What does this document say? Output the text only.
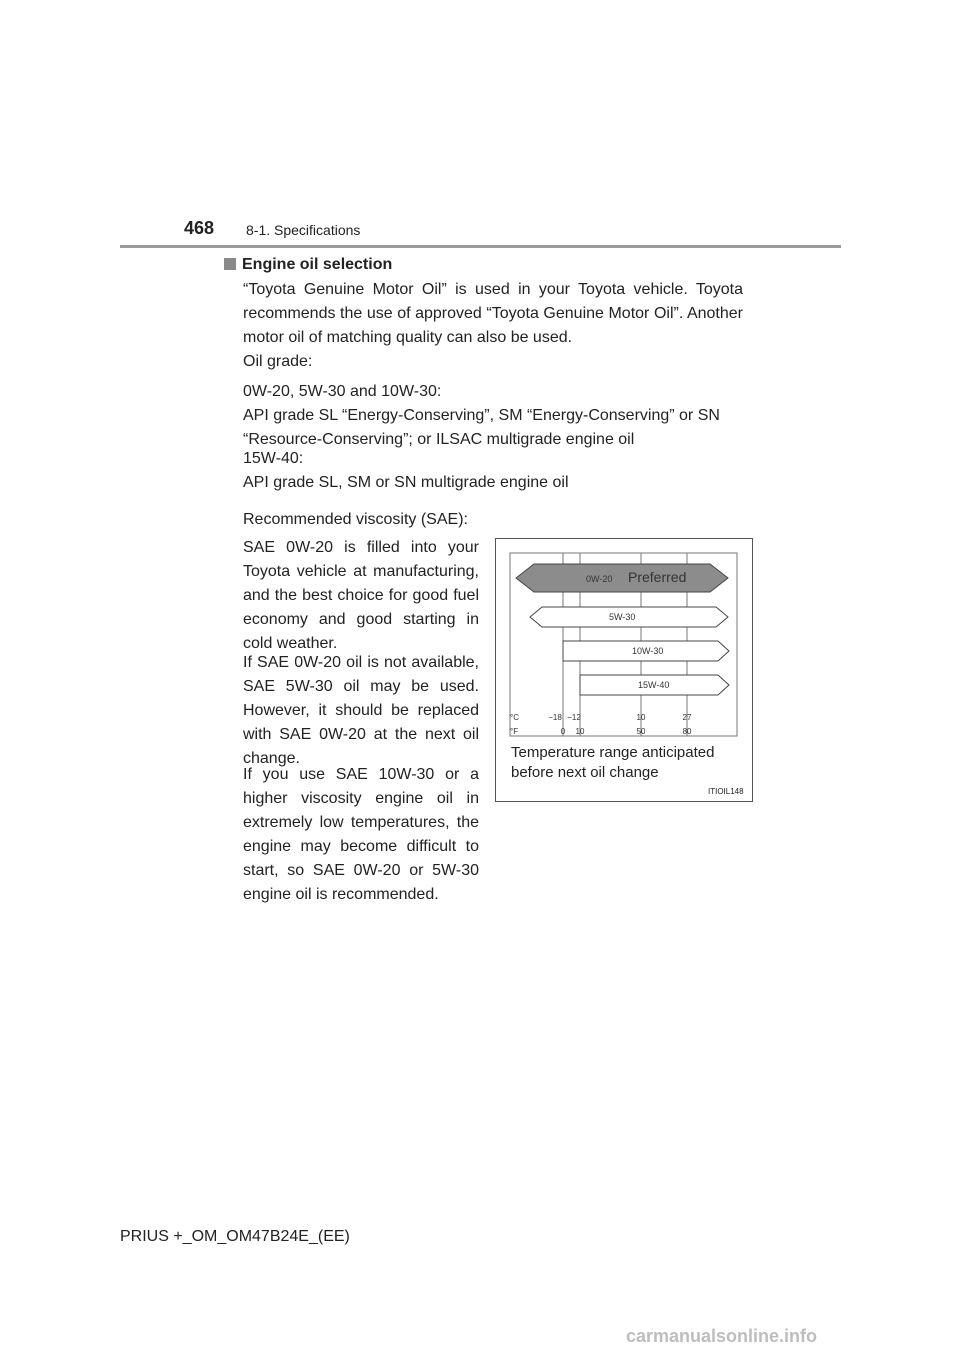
468 8-1. Specifications
Engine oil selection

“Toyota Genuine Motor Oil” is used in your Toyota vehicle. Toyota recommends the use of approved “Toyota Genuine Motor Oil”. Another motor oil of matching quality can also be used.

Oil grade:

0W-20, 5W-30 and 10W-30:
API grade SL “Energy-Conserving”, SM “Energy-Conserving” or SN “Resource-Conserving”; or ILSAC multigrade engine oil
15W-40:
API grade SL, SM or SN multigrade engine oil

Recommended viscosity (SAE):

SAE 0W-20 is filled into your Toyota vehicle at manufacturing, and the best choice for good fuel economy and good starting in cold weather.

If SAE 0W-20 oil is not available, SAE 5W-30 oil may be used. However, it should be replaced with SAE 0W-20 at the next oil change.

If you use SAE 10W-30 or a higher viscosity engine oil in extremely low temperatures, the engine may become difficult to start, so SAE 0W-20 or 5W-30 engine oil is recommended.

0W-20 Preferred
5W-30
10W-30
15W-40
°C
°F
−18 −12	10	27
0 10	50	80
Temperature range anticipated before next oil change
ITIOIL148
PRIUS +_OM_OM47B24E_(EE)
carmanualsonline.info
